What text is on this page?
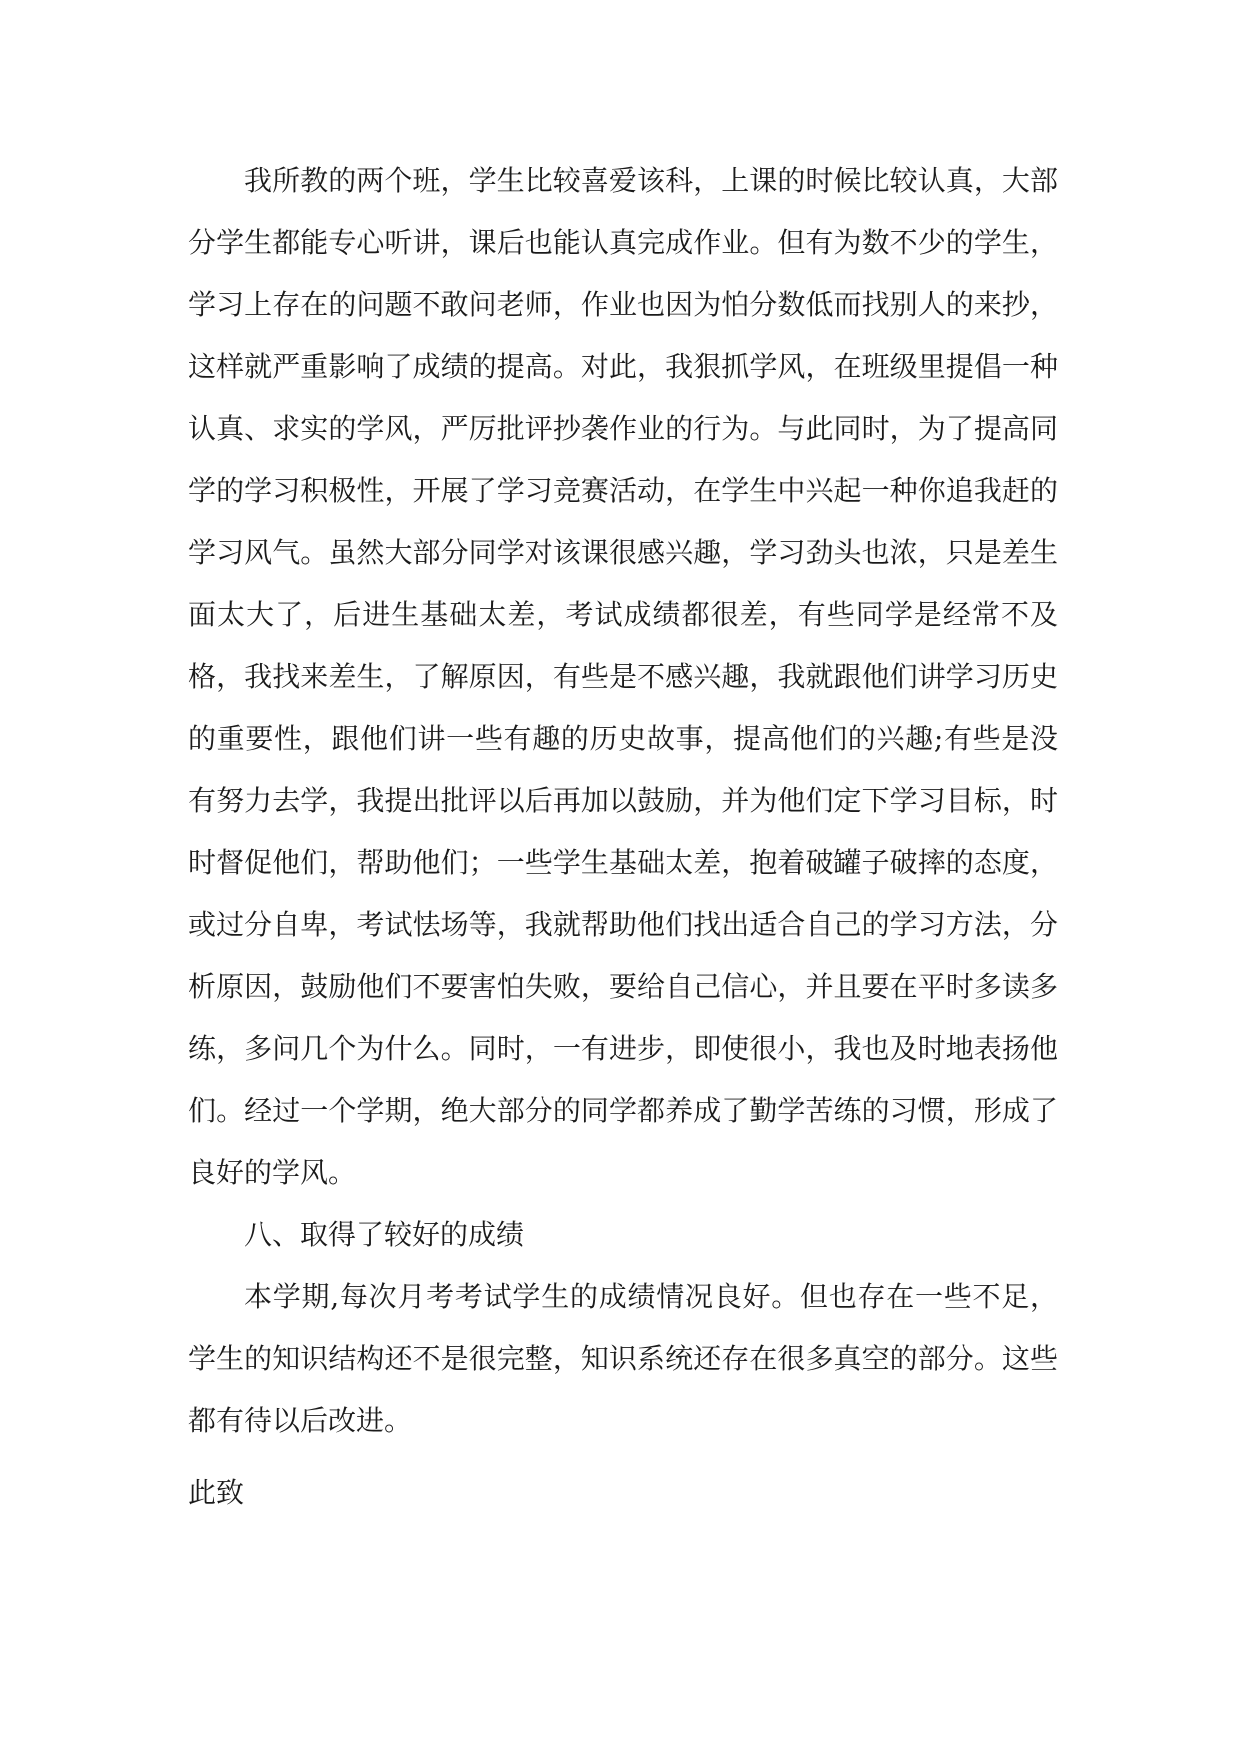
我所教的两个班，学生比较喜爱该科，上课的时候比较认真，大部分学生都能专心听讲，课后也能认真完成作业。但有为数不少的学生，学习上存在的问题不敢问老师，作业也因为怕分数低而找别人的来抄，这样就严重影响了成绩的提高。对此，我狠抓学风，在班级里提倡一种认真、求实的学风，严厉批评抄袭作业的行为。与此同时，为了提高同学的学习积极性，开展了学习竞赛活动，在学生中兴起一种你追我赶的学习风气。虽然大部分同学对该课很感兴趣，学习劲头也浓，只是差生面太大了，后进生基础太差，考试成绩都很差，有些同学是经常不及格，我找来差生，了解原因，有些是不感兴趣，我就跟他们讲学习历史的重要性，跟他们讲一些有趣的历史故事，提高他们的兴趣;有些是没有努力去学，我提出批评以后再加以鼓励，并为他们定下学习目标，时时督促他们，帮助他们；一些学生基础太差，抱着破罐子破摔的态度，或过分自卑，考试怯场等，我就帮助他们找出适合自己的学习方法，分析原因，鼓励他们不要害怕失败，要给自己信心，并且要在平时多读多练，多问几个为什么。同时，一有进步，即使很小，我也及时地表扬他们。经过一个学期，绝大部分的同学都养成了勤学苦练的习惯，形成了良好的学风。

八、取得了较好的成绩

本学期,每次月考考试学生的成绩情况良好。但也存在一些不足，学生的知识结构还不是很完整，知识系统还存在很多真空的部分。这些都有待以后改进。

此致
